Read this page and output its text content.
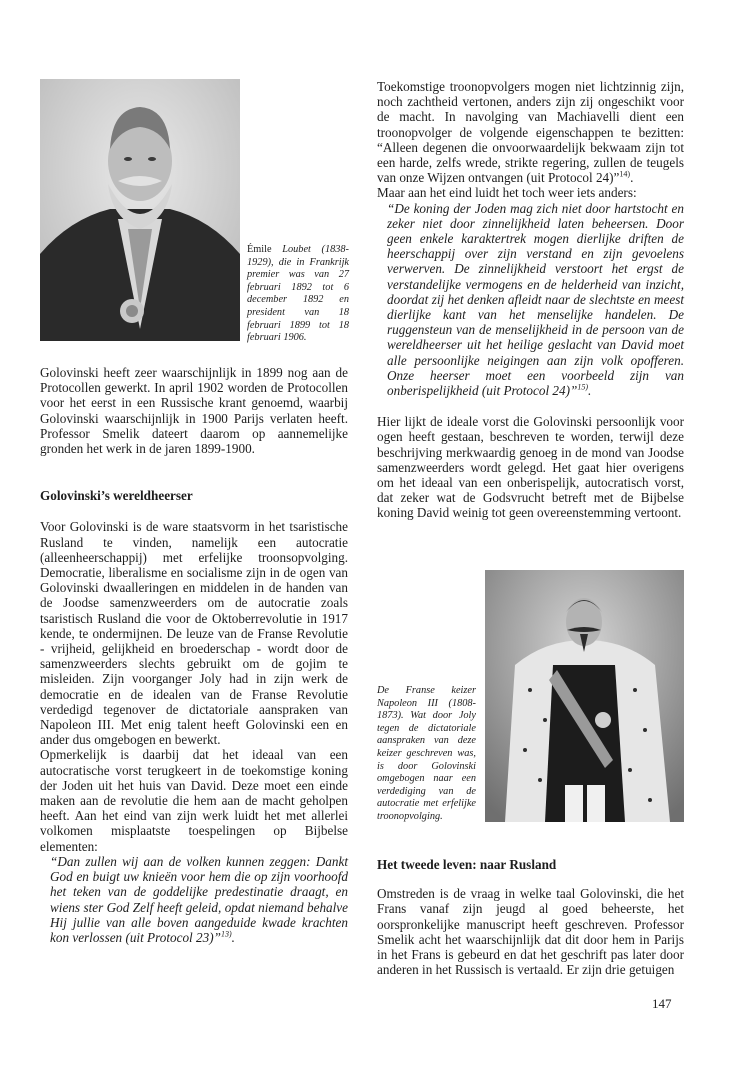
Émile Loubet (1838-1929), die in Frankrijk premier was van 27 februari 1892 tot 6 december 1892 en president van 18 februari 1899 tot 18 februari 1906.

Golovinski heeft zeer waarschijnlijk in 1899 nog aan de Protocollen gewerkt. In april 1902 worden de Protocollen voor het eerst in een Russische krant genoemd, waarbij Golovinski waarschijnlijk in 1900 Parijs verlaten heeft. Professor Smelik dateert daarom op aannemelijke gronden het werk in de jaren 1899-1900.

Golovinski’s wereldheerser

Voor Golovinski is de ware staatsvorm in het tsaristische Rusland te vinden, namelijk een autocratie (alleenheerschappij) met erfelijke troonsopvolging. Democratie, liberalisme en socialisme zijn in de ogen van Golovinski dwaalleringen en middelen in de handen van de Joodse samenzweerders om de autocratie zoals tsaristisch Rusland die voor de Oktoberrevolutie in 1917 kende, te ondermijnen. De leuze van de Franse Revolutie - vrijheid, gelijkheid en broederschap - wordt door de samenzweerders slechts gebruikt om de gojim te misleiden. Zijn voorganger Joly had in zijn werk de democratie en de idealen van de Franse Revolutie verdedigd tegenover de dictatoriale aanspraken van Napoleon III. Met enig talent heeft Golovinski een en ander dus omgebogen en bewerkt.

Opmerkelijk is daarbij dat het ideaal van een autocratische vorst terugkeert in de toekomstige koning der Joden uit het huis van David. Deze moet een einde maken aan de revolutie die hem aan de macht geholpen heeft. Aan het eind van zijn werk luidt het met allerlei volkomen misplaatste toespelingen op Bijbelse elementen:

“Dan zullen wij aan de volken kunnen zeggen: Dankt God en buigt uw knieën voor hem die op zijn voorhoofd het teken van de goddelijke predestinatie draagt, en wiens ster God Zelf heeft geleid, opdat niemand behalve Hij jullie van alle boven aangeduide kwade krachten kon verlossen (uit Protocol 23)”$^{13)}$.

Toekomstige troonopvolgers mogen niet lichtzinnig zijn, noch zachtheid vertonen, anders zijn zij ongeschikt voor de macht. In navolging van Machiavelli dient een troonopvolger de volgende eigenschappen te bezitten: “Alleen degenen die onvoorwaardelijk bekwaam zijn tot een harde, zelfs wrede, strikte regering, zullen de teugels van onze Wijzen ontvangen (uit Protocol 24)”$^{14)}$.

Maar aan het eind luidt het toch weer iets anders:

“De koning der Joden mag zich niet door hartstocht en zeker niet door zinnelijkheid laten beheersen. Door geen enkele karaktertrek mogen dierlijke driften de heerschappij over zijn verstand en zijn gevoelens verwerven. De zinnelijkheid verstoort het ergst de verstandelijke vermogens en de helderheid van inzicht, doordat zij het denken afleidt naar de slechtste en meest dierlijke kant van het menselijke handelen. De ruggensteun van de menselijkheid in de persoon van de wereldheerser uit het heilige geslacht van David moet alle persoonlijke neigingen aan zijn volk opofferen. Onze heerser moet een voorbeeld zijn van onberispelijkheid (uit Protocol 24)”$^{15)}$.

Hier lijkt de ideale vorst die Golovinski persoonlijk voor ogen heeft gestaan, beschreven te worden, terwijl deze beschrijving merkwaardig genoeg in de mond van Joodse samenzweerders wordt gelegd. Het gaat hier overigens om het ideaal van een onberispelijk, autocratisch vorst, dat zeker wat de Godsvrucht betreft met de Bijbelse koning David weinig tot geen overeenstemming vertoont.

De Franse keizer Napoleon III (1808-1873). Wat door Joly tegen de dictatoriale aanspraken van deze keizer geschreven was, is door Golovinski omgebogen naar een verdediging van de autocratie met erfelijke troonopvolging.
Het tweede leven: naar Rusland

Omstreden is de vraag in welke taal Golovinski, die het Frans vanaf zijn jeugd al goed beheerste, het oorspronkelijke manuscript heeft geschreven. Professor Smelik acht het waarschijnlijk dat dit door hem in Parijs in het Frans is gebeurd en dat het geschrift pas later door anderen in het Russisch is vertaald. Er zijn drie getuigen

147
